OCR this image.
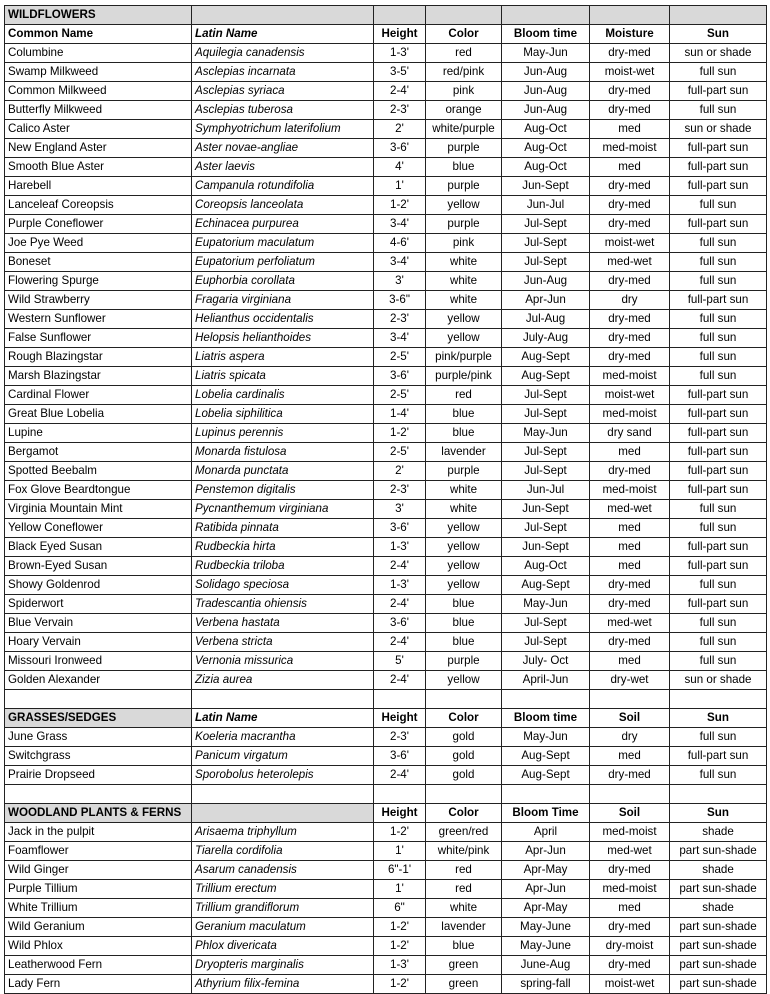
WILDFLOWERS						
Common Name	Latin Name	Height	Color	Bloom time	Moisture	Sun
Columbine	Aquilegia canadensis	1-3'	red	May-Jun	dry-med	sun or shade
Swamp Milkweed	Asclepias incarnata	3-5'	red/pink	Jun-Aug	moist-wet	full sun
Common Milkweed	Asclepias syriaca	2-4'	pink	Jun-Aug	dry-med	full-part sun
Butterfly Milkweed	Asclepias tuberosa	2-3'	orange	Jun-Aug	dry-med	full sun
Calico Aster	Symphyotrichum laterifolium	2'	white/purple	Aug-Oct	med	sun or shade
New England Aster	Aster novae-angliae	3-6'	purple	Aug-Oct	med-moist	full-part sun
Smooth Blue Aster	Aster laevis	4'	blue	Aug-Oct	med	full-part sun
Harebell	Campanula rotundifolia	1'	purple	Jun-Sept	dry-med	full-part sun
Lanceleaf Coreopsis	Coreopsis lanceolata	1-2'	yellow	Jun-Jul	dry-med	full sun
Purple Coneflower	Echinacea purpurea	3-4'	purple	Jul-Sept	dry-med	full-part sun
Joe Pye Weed	Eupatorium maculatum	4-6'	pink	Jul-Sept	moist-wet	full sun
Boneset	Eupatorium perfoliatum	3-4'	white	Jul-Sept	med-wet	full sun
Flowering Spurge	Euphorbia corollata	3'	white	Jun-Aug	dry-med	full sun
Wild Strawberry	Fragaria virginiana	3-6"	white	Apr-Jun	dry	full-part sun
Western Sunflower	Helianthus occidentalis	2-3'	yellow	Jul-Aug	dry-med	full sun
False Sunflower	Helopsis helianthoides	3-4'	yellow	July-Aug	dry-med	full sun
Rough Blazingstar	Liatris aspera	2-5'	pink/purple	Aug-Sept	dry-med	full sun
Marsh Blazingstar	Liatris spicata	3-6'	purple/pink	Aug-Sept	med-moist	full sun
Cardinal Flower	Lobelia cardinalis	2-5'	red	Jul-Sept	moist-wet	full-part sun
Great Blue Lobelia	Lobelia siphilitica	1-4'	blue	Jul-Sept	med-moist	full-part sun
Lupine	Lupinus perennis	1-2'	blue	May-Jun	dry sand	full-part sun
Bergamot	Monarda fistulosa	2-5'	lavender	Jul-Sept	med	full-part sun
Spotted Beebalm	Monarda punctata	2'	purple	Jul-Sept	dry-med	full-part sun
Fox Glove Beardtongue	Penstemon digitalis	2-3'	white	Jun-Jul	med-moist	full-part sun
Virginia Mountain Mint	Pycnanthemum virginiana	3'	white	Jun-Sept	med-wet	full sun
Yellow Coneflower	Ratibida pinnata	3-6'	yellow	Jul-Sept	med	full sun
Black Eyed Susan	Rudbeckia hirta	1-3'	yellow	Jun-Sept	med	full-part sun
Brown-Eyed Susan	Rudbeckia triloba	2-4'	yellow	Aug-Oct	med	full-part sun
Showy Goldenrod	Solidago speciosa	1-3'	yellow	Aug-Sept	dry-med	full sun
Spiderwort	Tradescantia ohiensis	2-4'	blue	May-Jun	dry-med	full-part sun
Blue Vervain	Verbena hastata	3-6'	blue	Jul-Sept	med-wet	full sun
Hoary Vervain	Verbena stricta	2-4'	blue	Jul-Sept	dry-med	full sun
Missouri Ironweed	Vernonia missurica	5'	purple	July- Oct	med	full sun
Golden Alexander	Zizia aurea	2-4'	yellow	April-Jun	dry-wet	sun or shade

GRASSES/SEDGES	Latin Name	Height	Color	Bloom time	Soil	Sun
June Grass	Koeleria macrantha	2-3'	gold	May-Jun	dry	full sun
Switchgrass	Panicum virgatum	3-6'	gold	Aug-Sept	med	full-part sun
Prairie Dropseed	Sporobolus heterolepis	2-4'	gold	Aug-Sept	dry-med	full sun

WOODLAND PLANTS & FERNS		Height	Color	Bloom Time	Soil	Sun
Jack in the pulpit	Arisaema triphyllum	1-2'	green/red	April	med-moist	shade
Foamflower	Tiarella cordifolia	1'	white/pink	Apr-Jun	med-wet	part sun-shade
Wild Ginger	Asarum canadensis	6"-1'	red	Apr-May	dry-med	shade
Purple Tillium	Trillium erectum	1'	red	Apr-Jun	med-moist	part sun-shade
White Trillium	Trillium grandiflorum	6"	white	Apr-May	med	shade
Wild Geranium	Geranium maculatum	1-2'	lavender	May-June	dry-med	part sun-shade
Wild Phlox	Phlox divericata	1-2'	blue	May-June	dry-moist	part sun-shade
Leatherwood Fern	Dryopteris marginalis	1-3'	green	June-Aug	dry-med	part sun-shade
Lady Fern	Athyrium filix-femina	1-2'	green	spring-fall	moist-wet	part sun-shade
